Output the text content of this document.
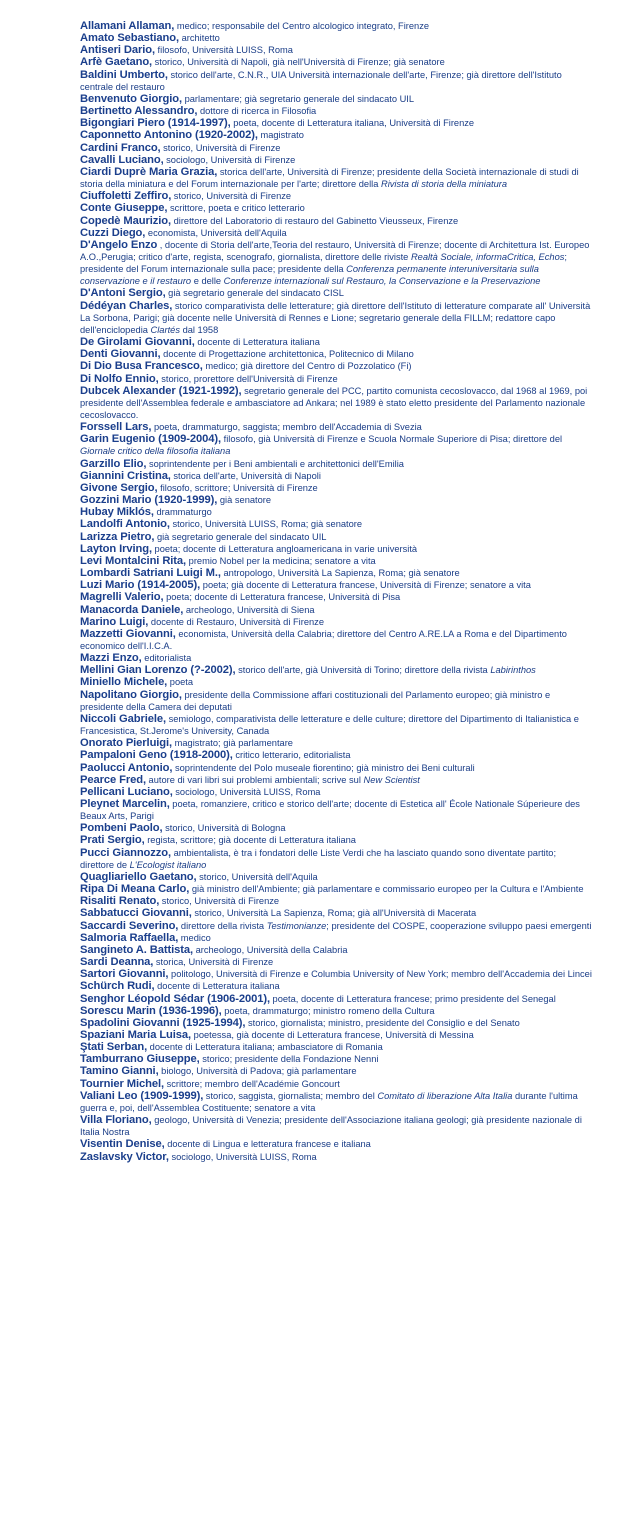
Allamani Allaman, medico; responsabile del Centro alcologico integrato, Firenze

Amato Sebastiano, architetto

Antiseri Dario, filosofo, Università LUISS, Roma

Arfè Gaetano, storico, Università di Napoli, già nell'Università di Firenze; già senatore

Baldini Umberto, storico dell'arte, C.N.R., UIA Università internazionale dell'arte, Firenze; già direttore dell'Istituto centrale del restauro

Benvenuto Giorgio, parlamentare; già segretario generale del sindacato UIL

Bertinetto Alessandro, dottore di ricerca in Filosofia

Bigongiari Piero (1914-1997), poeta, docente di Letteratura italiana, Università di Firenze

Caponnetto Antonino (1920-2002), magistrato

Cardini Franco, storico, Università di Firenze

Cavalli Luciano, sociologo, Università di Firenze

Ciardi Duprè Maria Grazia, storica dell'arte, Università di Firenze; presidente della Società internazionale di studi di storia della miniatura e del Forum internazionale per l'arte; direttore della Rivista di storia della miniatura

Ciuffoletti Zeffiro, storico, Università di Firenze

Conte Giuseppe, scrittore, poeta e critico letterario

Copedè Maurizio, direttore del Laboratorio di restauro del Gabinetto Vieusseux, Firenze

Cuzzi Diego, economista, Università dell'Aquila

D'Angelo Enzo , docente di Storia dell'arte,Teoria del restauro, Università di Firenze; docente di Architettura Ist. Europeo A.O.,Perugia; critico d'arte, regista, scenografo, giornalista, direttore delle riviste Realtà Sociale, informaCritica, Echos; presidente del Forum internazionale sulla pace; presidente della Conferenza permanente interuniversitaria sulla conservazione e il restauro e delle Conferenze internazionali sul Restauro, la Conservazione e la Preservazione

D'Antoni Sergio, già segretario generale del sindacato CISL

Dédéyan Charles, storico comparativista delle letterature; già direttore dell'Istituto di letterature comparate all' Università La Sorbona, Parigi; già docente nelle Università di Rennes e Lione; segretario generale della FILLM; redattore capo dell'enciclopedia Clartés dal 1958

De Girolami Giovanni, docente di Letteratura italiana

Denti Giovanni, docente di Progettazione architettonica, Politecnico di Milano

Di Dio Busa Francesco, medico; già direttore del Centro di Pozzolatico (Fi)

Di Nolfo Ennio, storico, prorettore dell'Università di Firenze

Dubcek Alexander (1921-1992), segretario generale del PCC, partito comunista cecoslovacco, dal 1968 al 1969, poi presidente dell'Assemblea federale e ambasciatore ad Ankara; nel 1989 è stato eletto presidente del Parlamento nazionale cecoslovacco.

Forssell Lars, poeta, drammaturgo, saggista; membro dell'Accademia di Svezia

Garin Eugenio (1909-2004), filosofo, già Università di Firenze e Scuola Normale Superiore di Pisa; direttore del Giornale critico della filosofia italiana

Garzillo Elio, soprintendente per i Beni ambientali e architettonici dell'Emilia

Giannini Cristina, storica dell'arte, Università di Napoli

Givone Sergio, filosofo, scrittore; Università di Firenze

Gozzini Mario (1920-1999), già senatore

Hubay Miklós, drammaturgo

Landolfi Antonio, storico, Università LUISS, Roma; già senatore

Larizza Pietro, già segretario generale del sindacato UIL

Layton Irving, poeta; docente di Letteratura angloamericana in varie università

Levi Montalcini Rita, premio Nobel per la medicina; senatore a vita

Lombardi Satriani Luigi M., antropologo, Università La Sapienza, Roma; già senatore

Luzi Mario (1914-2005), poeta; già docente di Letteratura francese, Università di Firenze; senatore a vita

Magrelli Valerio, poeta; docente di Letteratura francese, Università di Pisa

Manacorda Daniele, archeologo, Università di Siena

Marino Luigi, docente di Restauro, Università di Firenze

Mazzetti Giovanni, economista, Università della Calabria; direttore del Centro A.RE.LA a Roma e del Dipartimento economico dell'I.I.C.A.

Mazzi Enzo, editorialista

Mellini Gian Lorenzo (?-2002), storico dell'arte, già Università di Torino; direttore della rivista Labirinthos

Miniello Michele, poeta

Napolitano Giorgio, presidente della Commissione affari costituzionali del Parlamento europeo; già ministro e presidente della Camera dei deputati

Niccoli Gabriele, semiologo, comparativista delle letterature e delle culture; direttore del Dipartimento di Italianistica e Francesistica, St.Jerome's University, Canada

Onorato Pierluigi, magistrato; già parlamentare

Pampaloni Geno (1918-2000), critico letterario, editorialista

Paolucci Antonio, soprintendente del Polo museale fiorentino; già ministro dei Beni culturali

Pearce Fred, autore di vari libri sui problemi ambientali; scrive sul New Scientist

Pellicani Luciano, sociologo, Università LUISS, Roma

Pleynet Marcelin, poeta, romanziere, critico e storico dell'arte; docente di Estetica all' École Nationale Súperieure des Beaux Arts, Parigi

Pombeni Paolo, storico, Università di Bologna

Prati Sergio, regista, scrittore; già docente di Letteratura italiana

Pucci Giannozzo, ambientalista, è tra i fondatori delle Liste Verdi che ha lasciato quando sono diventate partito; direttore de L'Ecologist italiano

Quagliariello Gaetano, storico, Università dell'Aquila

Ripa Di Meana Carlo, già ministro dell'Ambiente; già parlamentare e commissario europeo per la Cultura e l'Ambiente

Risaliti Renato, storico, Università di Firenze

Sabbatucci Giovanni, storico, Università La Sapienza, Roma; già all'Università di Macerata

Saccardi Severino, direttore della rivista Testimonianze; presidente del COSPE, cooperazione sviluppo paesi emergenti

Salmoria Raffaella, medico

Sangineto A. Battista, archeologo, Università della Calabria

Sardi Deanna, storica, Università di Firenze

Sartori Giovanni, politologo, Università di Firenze e Columbia University of New York; membro dell'Accademia dei Lincei

Schürch Rudi, docente di Letteratura italiana

Senghor Léopold Sédar (1906-2001), poeta, docente di Letteratura francese; primo presidente del Senegal

Sorescu Marin (1936-1996), poeta, drammaturgo; ministro romeno della Cultura

Spadolini Giovanni (1925-1994), storico, giornalista; ministro, presidente del Consiglio e del Senato

Spaziani Maria Luisa, poetessa, già docente di Letteratura francese, Università di Messina

Ştati Serban, docente di Letteratura italiana; ambasciatore di Romania

Tamburrano Giuseppe, storico; presidente della Fondazione Nenni

Tamino Gianni, biologo, Università di Padova; già parlamentare

Tournier Michel, scrittore; membro dell'Académie Goncourt

Valiani Leo (1909-1999), storico, saggista, giornalista; membro del Comitato di liberazione Alta Italia durante l'ultima guerra e, poi, dell'Assemblea Costituente; senatore a vita

Villa Floriano, geologo, Università di Venezia; presidente dell'Associazione italiana geologi; già presidente nazionale di Italia Nostra

Visentin Denise, docente di Lingua e letteratura francese e italiana

Zaslavsky Victor, sociologo, Università LUISS, Roma
